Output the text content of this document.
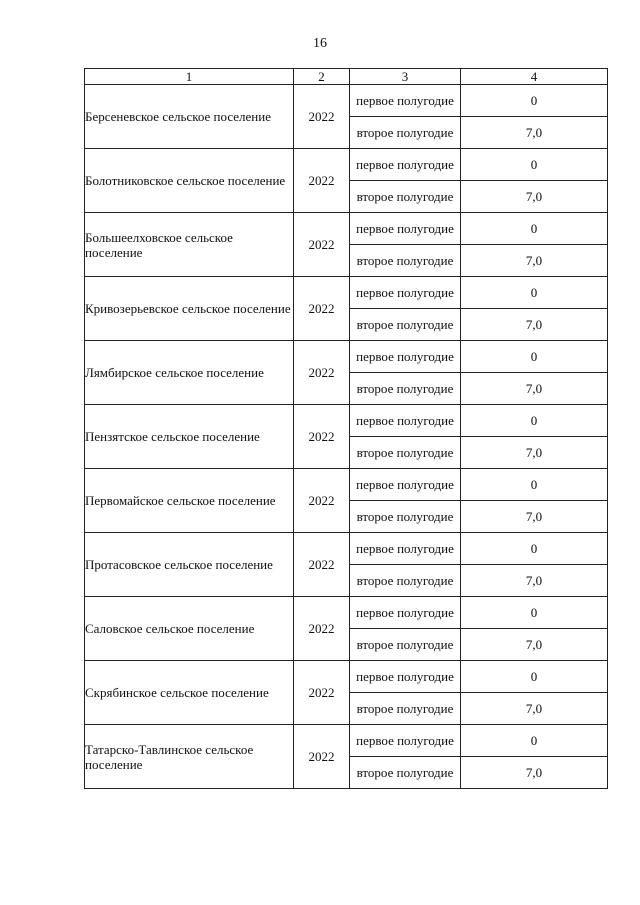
16
1	2	3	4
Берсеневское сельское поселение	2022	первое полугодие	0
		второе полугодие	7,0
Болотниковское сельское поселение	2022	первое полугодие	0
		второе полугодие	7,0
Большеелховское сельское поселение	2022	первое полугодие	0
		второе полугодие	7,0
Кривозерьевское сельское поселение	2022	первое полугодие	0
		второе полугодие	7,0
Лямбирское сельское поселение	2022	первое полугодие	0
		второе полугодие	7,0
Пензятское сельское поселение	2022	первое полугодие	0
		второе полугодие	7,0
Первомайское сельское поселение	2022	первое полугодие	0
		второе полугодие	7,0
Протасовское сельское поселение	2022	первое полугодие	0
		второе полугодие	7,0
Саловское сельское поселение	2022	первое полугодие	0
		второе полугодие	7,0
Скрябинское сельское поселение	2022	первое полугодие	0
		второе полугодие	7,0
Татарско-Тавлинское сельское поселение	2022	первое полугодие	0
		второе полугодие	7,0
